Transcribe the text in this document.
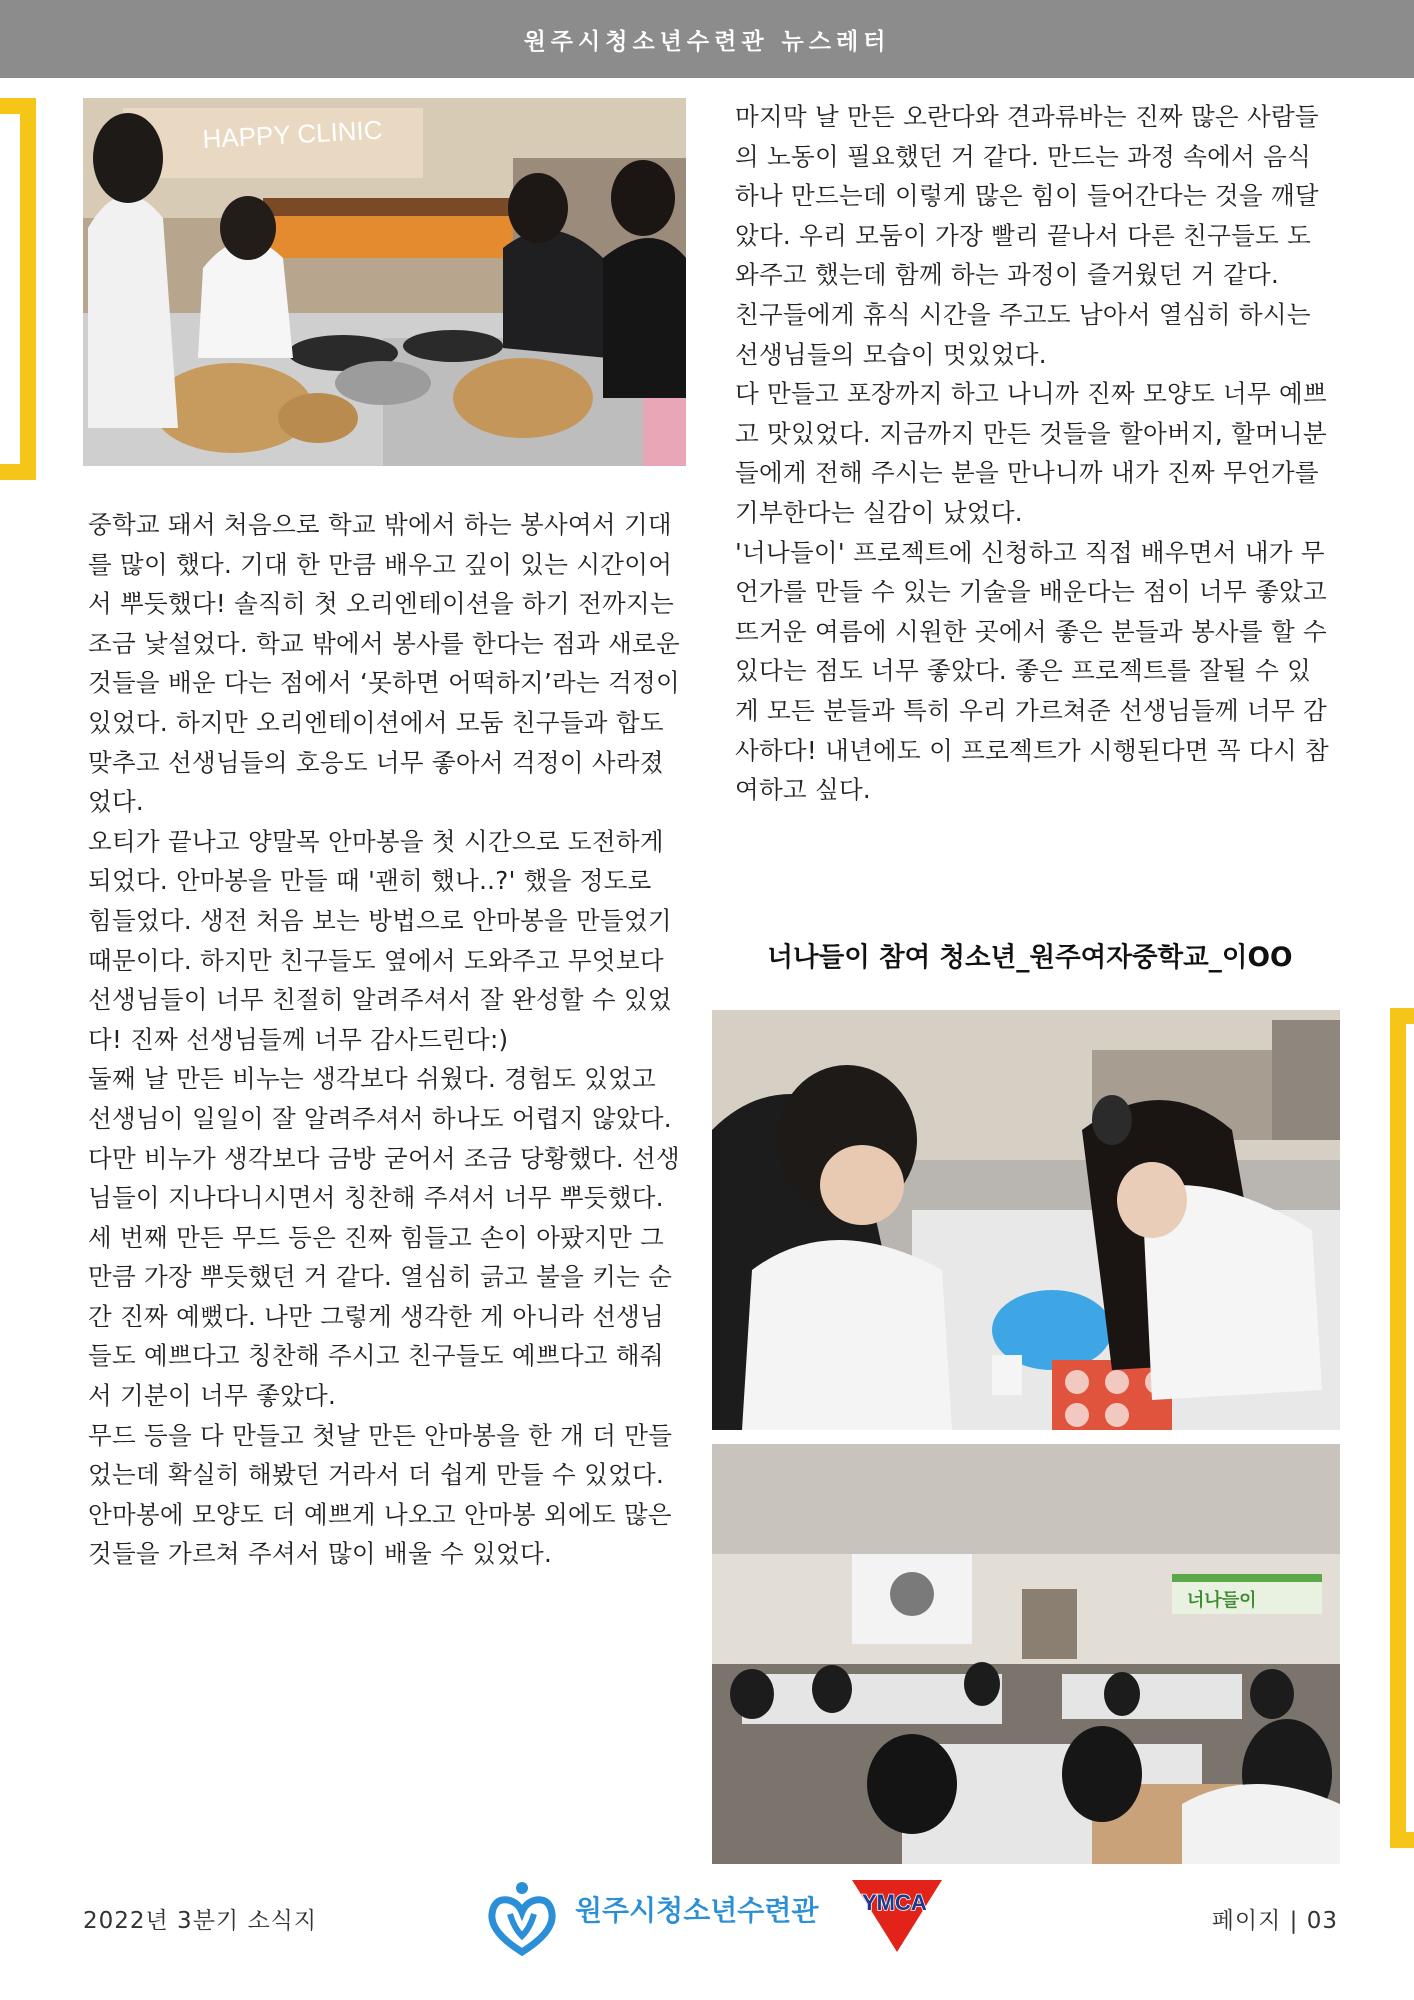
원주시청소년수련관 뉴스레터
HAPPY CLINIC

중학교 돼서 처음으로 학교 밖에서 하는 봉사여서 기대를 많이 했다. 기대 한 만큼 배우고 깊이 있는 시간이어서 뿌듯했다! 솔직히 첫 오리엔테이션을 하기 전까지는 조금 낯설었다. 학교 밖에서 봉사를 한다는 점과 새로운 것들을 배운 다는 점에서 ‘못하면 어떡하지’라는 걱정이 있었다. 하지만 오리엔테이션에서 모둠 친구들과 합도 맞추고 선생님들의 호응도 너무 좋아서 걱정이 사라졌었다.

오티가 끝나고 양말목 안마봉을 첫 시간으로 도전하게 되었다. 안마봉을 만들 때 '괜히 했나..?' 했을 정도로 힘들었다. 생전 처음 보는 방법으로 안마봉을 만들었기 때문이다. 하지만 친구들도 옆에서 도와주고 무엇보다 선생님들이 너무 친절히 알려주셔서 잘 완성할 수 있었다! 진짜 선생님들께 너무 감사드린다:)

둘째 날 만든 비누는 생각보다 쉬웠다. 경험도 있었고 선생님이 일일이 잘 알려주셔서 하나도 어렵지 않았다. 다만 비누가 생각보다 금방 굳어서 조금 당황했다. 선생님들이 지나다니시면서 칭찬해 주셔서 너무 뿌듯했다.

세 번째 만든 무드 등은 진짜 힘들고 손이 아팠지만 그만큼 가장 뿌듯했던 거 같다. 열심히 긁고 불을 키는 순간 진짜 예뻤다. 나만 그렇게 생각한 게 아니라 선생님들도 예쁘다고 칭찬해 주시고 친구들도 예쁘다고 해줘서 기분이 너무 좋았다.

무드 등을 다 만들고 첫날 만든 안마봉을 한 개 더 만들었는데 확실히 해봤던 거라서 더 쉽게 만들 수 있었다. 안마봉에 모양도 더 예쁘게 나오고 안마봉 외에도 많은 것들을 가르쳐 주셔서 많이 배울 수 있었다.

마지막 날 만든 오란다와 견과류바는 진짜 많은 사람들의 노동이 필요했던 거 같다. 만드는 과정 속에서 음식 하나 만드는데 이렇게 많은 힘이 들어간다는 것을 깨달았다. 우리 모둠이 가장 빨리 끝나서 다른 친구들도 도와주고 했는데 함께 하는 과정이 즐거웠던 거 같다.

친구들에게 휴식 시간을 주고도 남아서 열심히 하시는 선생님들의 모습이 멋있었다.

다 만들고 포장까지 하고 나니까 진짜 모양도 너무 예쁘고 맛있었다. 지금까지 만든 것들을 할아버지, 할머니분들에게 전해 주시는 분을 만나니까 내가 진짜 무언가를 기부한다는 실감이 났었다.

'너나들이' 프로젝트에 신청하고 직접 배우면서 내가 무언가를 만들 수 있는 기술을 배운다는 점이 너무 좋았고 뜨거운 여름에 시원한 곳에서 좋은 분들과 봉사를 할 수 있다는 점도 너무 좋았다. 좋은 프로젝트를 잘될 수 있게 모든 분들과 특히 우리 가르쳐준 선생님들께 너무 감사하다! 내년에도 이 프로젝트가 시행된다면 꼭 다시 참여하고 싶다.

너나들이 참여 청소년_원주여자중학교_이OO
너나들이
2022년 3분기 소식지	원주시청소년수련관 YMCA
페이지 | 03
